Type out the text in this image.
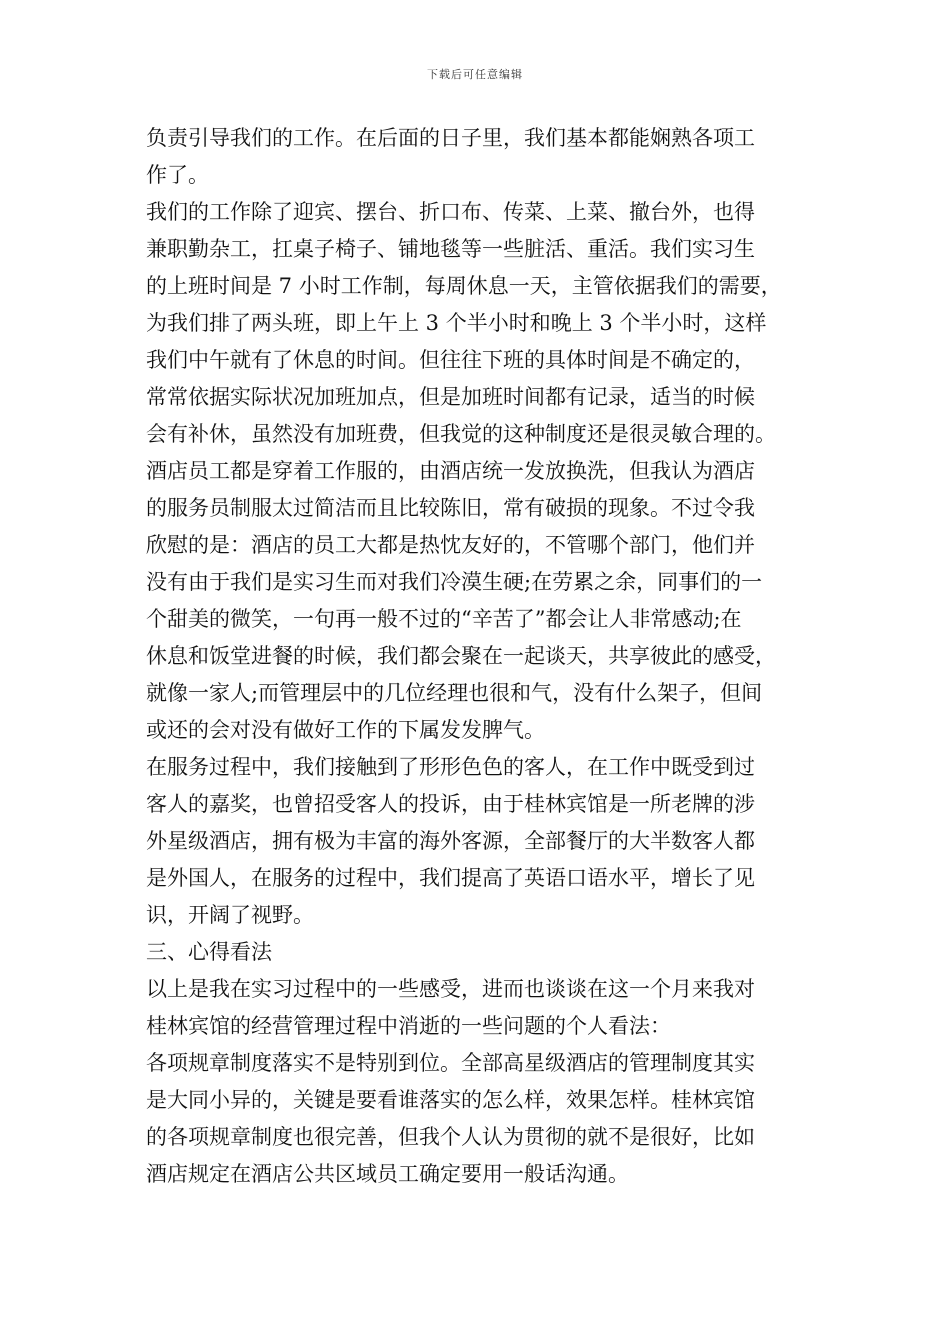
下载后可任意编辑
负责引导我们的工作。在后面的日子里，我们基本都能娴熟各项工
作了。
我们的工作除了迎宾、摆台、折口布、传菜、上菜、撤台外，也得
兼职勤杂工，扛桌子椅子、铺地毯等一些脏活、重活。我们实习生
的上班时间是 7 小时工作制，每周休息一天，主管依据我们的需要，
为我们排了两头班，即上午上 3 个半小时和晚上 3 个半小时，这样
我们中午就有了休息的时间。但往往下班的具体时间是不确定的，
常常依据实际状况加班加点，但是加班时间都有记录，适当的时候
会有补休，虽然没有加班费，但我觉的这种制度还是很灵敏合理的。
酒店员工都是穿着工作服的，由酒店统一发放换洗，但我认为酒店
的服务员制服太过简洁而且比较陈旧，常有破损的现象。不过令我
欣慰的是：酒店的员工大都是热忱友好的，不管哪个部门，他们并
没有由于我们是实习生而对我们冷漠生硬;在劳累之余，同事们的一
个甜美的微笑，一句再一般不过的“辛苦了”都会让人非常感动;在
休息和饭堂进餐的时候，我们都会聚在一起谈天，共享彼此的感受，
就像一家人;而管理层中的几位经理也很和气，没有什么架子，但间
或还的会对没有做好工作的下属发发脾气。
在服务过程中，我们接触到了形形色色的客人，在工作中既受到过
客人的嘉奖，也曾招受客人的投诉，由于桂林宾馆是一所老牌的涉
外星级酒店，拥有极为丰富的海外客源，全部餐厅的大半数客人都
是外国人，在服务的过程中，我们提高了英语口语水平，增长了见
识，开阔了视野。
三、心得看法
以上是我在实习过程中的一些感受，进而也谈谈在这一个月来我对
桂林宾馆的经营管理过程中消逝的一些问题的个人看法：
各项规章制度落实不是特别到位。全部高星级酒店的管理制度其实
是大同小异的，关键是要看谁落实的怎么样，效果怎样。桂林宾馆
的各项规章制度也很完善，但我个人认为贯彻的就不是很好，比如
酒店规定在酒店公共区域员工确定要用一般话沟通。
